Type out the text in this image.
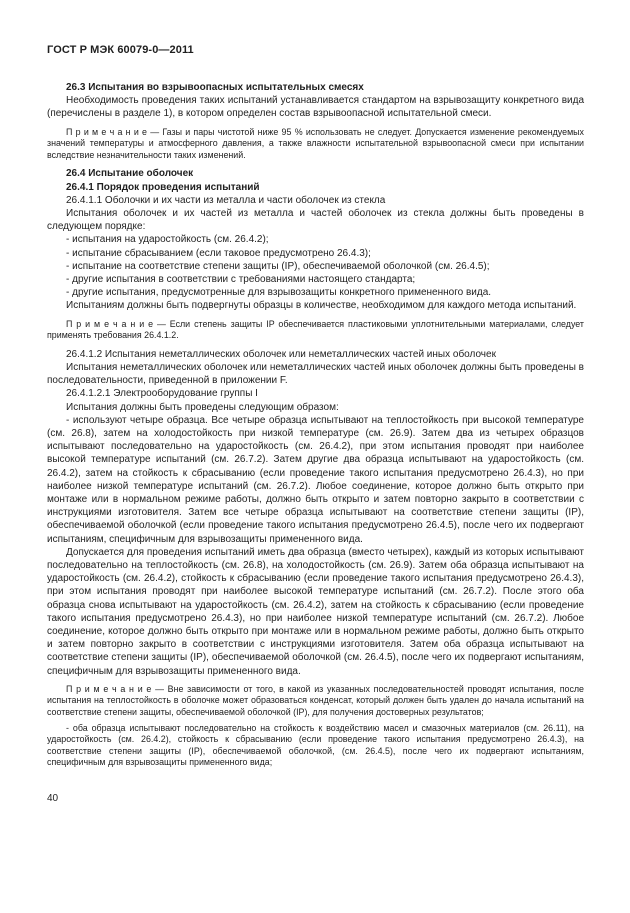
ГОСТ Р МЭК 60079-0—2011
26.3 Испытания во взрывоопасных испытательных смесях
Необходимость проведения таких испытаний устанавливается стандартом на взрывозащиту конкретного вида (перечислены в разделе 1), в котором определен состав взрывоопасной испытательной смеси.
П р и м е ч а н и е — Газы и пары чистотой ниже 95 % использовать не следует. Допускается изменение рекомендуемых значений температуры и атмосферного давления, а также влажности испытательной взрывоопасной смеси при испытании вследствие незначительности таких изменений.
26.4 Испытание оболочек
26.4.1 Порядок проведения испытаний
26.4.1.1 Оболочки и их части из металла и части оболочек из стекла
Испытания оболочек и их частей из металла и частей оболочек из стекла должны быть проведены в следующем порядке:
- испытания на ударостойкость (см. 26.4.2);
- испытание сбрасыванием (если таковое предусмотрено 26.4.3);
- испытание на соответствие степени защиты (IP), обеспечиваемой оболочкой (см. 26.4.5);
- другие испытания в соответствии с требованиями настоящего стандарта;
- другие испытания, предусмотренные для взрывозащиты конкретного примененного вида.
Испытаниям должны быть подвергнуты образцы в количестве, необходимом для каждого метода испытаний.
П р и м е ч а н и е — Если степень защиты IP обеспечивается пластиковыми уплотнительными материалами, следует применять требования 26.4.1.2.
26.4.1.2 Испытания неметаллических оболочек или неметаллических частей иных оболочек
Испытания неметаллических оболочек или неметаллических частей иных оболочек должны быть проведены в последовательности, приведенной в приложении F.
26.4.1.2.1 Электрооборудование группы I
Испытания должны быть проведены следующим образом:
- используют четыре образца. Все четыре образца испытывают на теплостойкость при высокой температуре (см. 26.8), затем на холодостойкость при низкой температуре (см. 26.9). Затем два из четырех образцов испытывают последовательно на ударостойкость (см. 26.4.2), при этом испытания проводят при наиболее высокой температуре испытаний (см. 26.7.2). Затем другие два образца испытывают на ударостойкость (см. 26.4.2), затем на стойкость к сбрасыванию (если проведение такого испытания предусмотрено 26.4.3), но при наиболее низкой температуре испытаний (см. 26.7.2). Любое соединение, которое должно быть открыто при монтаже или в нормальном режиме работы, должно быть открыто и затем повторно закрыто в соответствии с инструкциями изготовителя. Затем все четыре образца испытывают на соответствие степени защиты (IP), обеспечиваемой оболочкой (если проведение такого испытания предусмотрено 26.4.5), после чего их подвергают испытаниям, специфичным для взрывозащиты примененного вида.
Допускается для проведения испытаний иметь два образца (вместо четырех), каждый из которых испытывают последовательно на теплостойкость (см. 26.8), на холодостойкость (см. 26.9). Затем оба образца испытывают на ударостойкость (см. 26.4.2), стойкость к сбрасыванию (если проведение такого испытания предусмотрено 26.4.3), при этом испытания проводят при наиболее высокой температуре испытаний (см. 26.7.2). После этого оба образца снова испытывают на ударостойкость (см. 26.4.2), затем на стойкость к сбрасыванию (если проведение такого испытания предусмотрено 26.4.3), но при наиболее низкой температуре испытаний (см. 26.7.2). Любое соединение, которое должно быть открыто при монтаже или в нормальном режиме работы, должно быть открыто и затем повторно закрыто в соответствии с инструкциями изготовителя. Затем оба образца испытывают на соответствие степени защиты (IP), обеспечиваемой оболочкой (см. 26.4.5), после чего их подвергают испытаниям, специфичным для взрывозащиты примененного вида.
П р и м е ч а н и е — Вне зависимости от того, в какой из указанных последовательностей проводят испытания, после испытания на теплостойкость в оболочке может образоваться конденсат, который должен быть удален до начала испытаний на соответствие степени защиты, обеспечиваемой оболочкой (IP), для получения достоверных результатов;
- оба образца испытывают последовательно на стойкость к воздействию масел и смазочных материалов (см. 26.11), на ударостойкость (см. 26.4.2), стойкость к сбрасыванию (если проведение такого испытания предусмотрено 26.4.3), на соответствие степени защиты (IP), обеспечиваемой оболочкой, (см. 26.4.5), после чего их подвергают испытаниям, специфичным для взрывозащиты примененного вида;
40
